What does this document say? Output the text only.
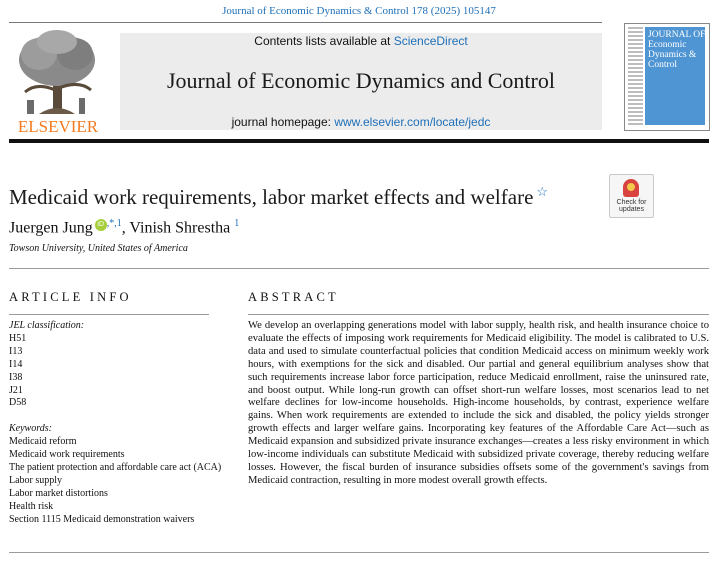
Journal of Economic Dynamics & Control 178 (2025) 105147
ELSEVIER
Contents lists available at ScienceDirect
Journal of Economic Dynamics and Control
journal homepage: www.elsevier.com/locate/jedc
JOURNAL OF Economic Dynamics & Control
Medicaid work requirements, labor market effects and welfare ☆
Check for updates
Juergen Jung iD $^{,*,1}$, Vinish Shrestha $^1$
Towson University, United States of America
ARTICLE INFO	ABSTRACT
JEL classification:
H51
I13
I14
I38
J21
D58
Keywords:
Medicaid reform
Medicaid work requirements
The patient protection and affordable care act (ACA)
Labor supply
Labor market distortions
Health risk
Section 1115 Medicaid demonstration waivers
We develop an overlapping generations model with labor supply, health risk, and health insurance choice to evaluate the effects of imposing work requirements for Medicaid eligibility. The model is calibrated to U.S. data and used to simulate counterfactual policies that condition Medicaid access on minimum weekly work hours, with exemptions for the sick and disabled. Our partial and general equilibrium analyses show that such requirements increase labor force participation, reduce Medicaid enrollment, raise the uninsured rate, and boost output. While long-run growth can offset short-run welfare losses, most scenarios lead to net welfare declines for low-income households. High-income households, by contrast, experience welfare gains. When work requirements are extended to include the sick and disabled, the policy yields stronger growth effects and larger welfare gains. Incorporating key features of the Affordable Care Act—such as Medicaid expansion and subsidized private insurance exchanges—creates a less risky environment in which low-income individuals can substitute Medicaid with subsidized private coverage, thereby reducing welfare losses. However, the fiscal burden of insurance subsidies offsets some of the government's savings from Medicaid contraction, resulting in more modest overall growth effects.
